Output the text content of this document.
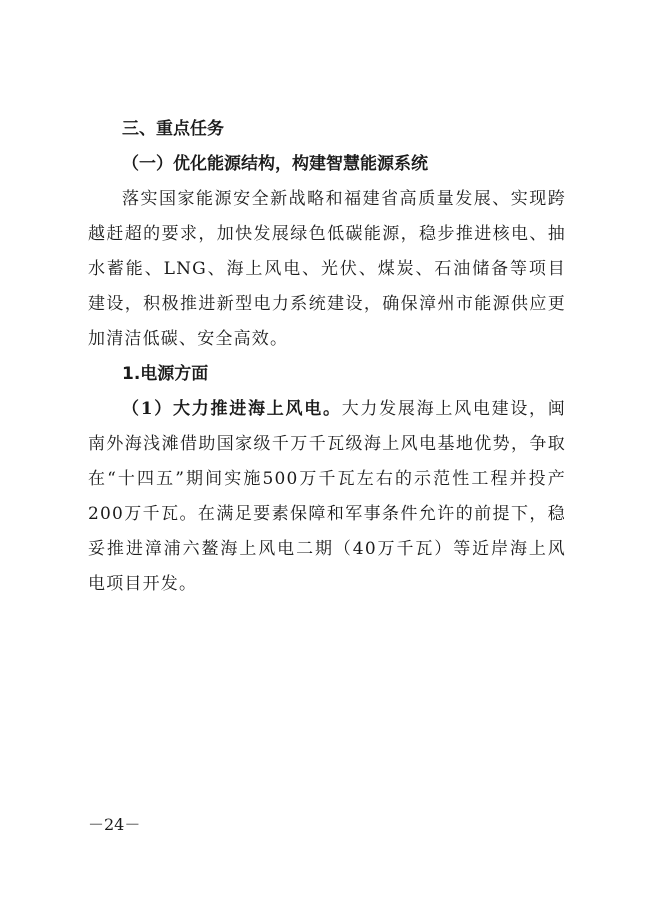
三、重点任务

（一）优化能源结构，构建智慧能源系统

落实国家能源安全新战略和福建省高质量发展、实现跨越赶超的要求，加快发展绿色低碳能源，稳步推进核电、抽水蓄能、LNG、海上风电、光伏、煤炭、石油储备等项目建设，积极推进新型电力系统建设，确保漳州市能源供应更加清洁低碳、安全高效。

1.电源方面

（1）大力推进海上风电。大力发展海上风电建设，闽南外海浅滩借助国家级千万千瓦级海上风电基地优势，争取在“十四五”期间实施500万千瓦左右的示范性工程并投产200万千瓦。在满足要素保障和军事条件允许的前提下，稳妥推进漳浦六鳌海上风电二期（40万千瓦）等近岸海上风电项目开发。

－24－
